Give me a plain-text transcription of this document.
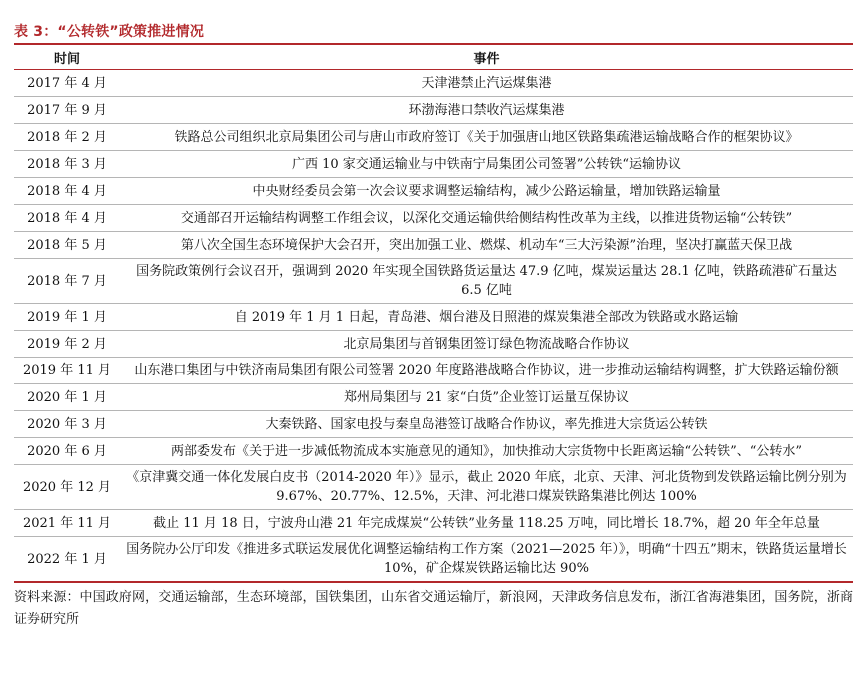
表 3：“公转铁”政策推进情况
时间	事件
2017 年 4 月	天津港禁止汽运煤集港
2017 年 9 月	环渤海港口禁收汽运煤集港
2018 年 2 月	铁路总公司组织北京局集团公司与唐山市政府签订《关于加强唐山地区铁路集疏港运输战略合作的框架协议》
2018 年 3 月	广西 10 家交通运输业与中铁南宁局集团公司签署”公转铁“运输协议
2018 年 4 月	中央财经委员会第一次会议要求调整运输结构，减少公路运输量，增加铁路运输量
2018 年 4 月	交通部召开运输结构调整工作组会议，以深化交通运输供给侧结构性改革为主线，以推进货物运输“公转铁”
2018 年 5 月	第八次全国生态环境保护大会召开，突出加强工业、燃煤、机动车“三大污染源”治理，坚决打赢蓝天保卫战
2018 年 7 月	国务院政策例行会议召开，强调到 2020 年实现全国铁路货运量达 47.9 亿吨，煤炭运量达 28.1 亿吨，铁路疏港矿石量达 6.5 亿吨
2019 年 1 月	自 2019 年 1 月 1 日起，青岛港、烟台港及日照港的煤炭集港全部改为铁路或水路运输
2019 年 2 月	北京局集团与首钢集团签订绿色物流战略合作协议
2019 年 11 月	山东港口集团与中铁济南局集团有限公司签署 2020 年度路港战略合作协议，进一步推动运输结构调整，扩大铁路运输份额
2020 年 1 月	郑州局集团与 21 家“白货”企业签订运量互保协议
2020 年 3 月	大秦铁路、国家电投与秦皇岛港签订战略合作协议，率先推进大宗货运公转铁
2020 年 6 月	两部委发布《关于进一步减低物流成本实施意见的通知》，加快推动大宗货物中长距离运输“公转铁”、“公转水”
2020 年 12 月	《京津冀交通一体化发展白皮书（2014-2020 年）》显示，截止 2020 年底，北京、天津、河北货物到发铁路运输比例分别为 9.67%、20.77%、12.5%，天津、河北港口煤炭铁路集港比例达 100%
2021 年 11 月	截止 11 月 18 日，宁波舟山港 21 年完成煤炭“公转铁”业务量 118.25 万吨，同比增长 18.7%，超 20 年全年总量
2022 年 1 月	国务院办公厅印发《推进多式联运发展优化调整运输结构工作方案（2021—2025 年）》，明确“十四五”期末，铁路货运量增长 10%，矿企煤炭铁路运输比达 90%
资料来源：中国政府网，交通运输部，生态环境部，国铁集团，山东省交通运输厅，新浪网，天津政务信息发布，浙江省海港集团，国务院，浙商证券研究所
